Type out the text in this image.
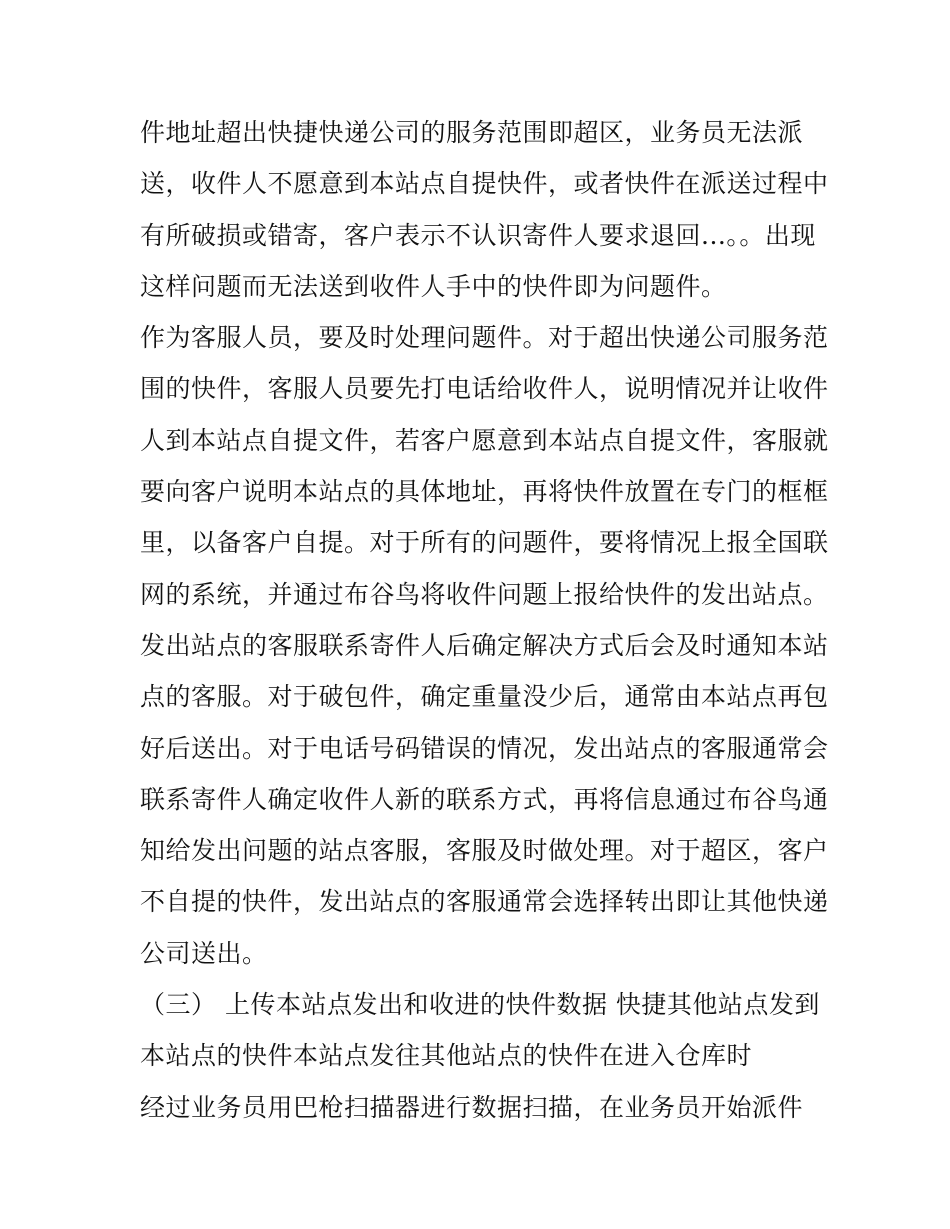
件地址超出快捷快递公司的服务范围即超区，业务员无法派
送，收件人不愿意到本站点自提快件，或者快件在派送过程中
有所破损或错寄，客户表示不认识寄件人要求退回...。。出现
这样问题而无法送到收件人手中的快件即为问题件。
作为客服人员，要及时处理问题件。对于超出快递公司服务范
围的快件，客服人员要先打电话给收件人，说明情况并让收件
人到本站点自提文件，若客户愿意到本站点自提文件，客服就
要向客户说明本站点的具体地址，再将快件放置在专门的框框
里，以备客户自提。对于所有的问题件，要将情况上报全国联
网的系统，并通过布谷鸟将收件问题上报给快件的发出站点。
发出站点的客服联系寄件人后确定解决方式后会及时通知本站
点的客服。对于破包件，确定重量没少后，通常由本站点再包
好后送出。对于电话号码错误的情况，发出站点的客服通常会
联系寄件人确定收件人新的联系方式，再将信息通过布谷鸟通
知给发出问题的站点客服，客服及时做处理。对于超区，客户
不自提的快件，发出站点的客服通常会选择转出即让其他快递
公司送出。
（三） 上传本站点发出和收进的快件数据 快捷其他站点发到
本站点的快件本站点发往其他站点的快件在进入仓库时
经过业务员用巴枪扫描器进行数据扫描，在业务员开始派件
